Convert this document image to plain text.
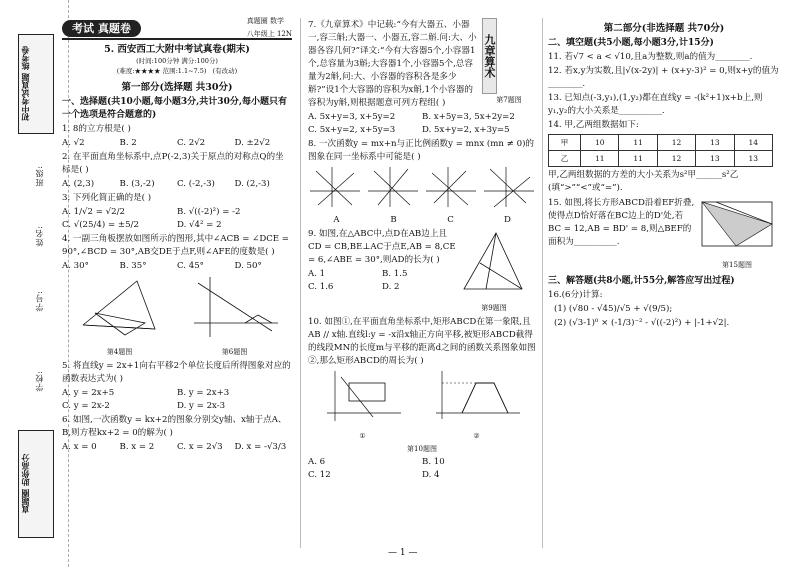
初中考试真题 练考卷
班级:
姓名:
学号:
学校:
真题圈 助你高分
考试 真题卷
真题圈 数学
八年级上 12N
5. 西安西工大附中考试真卷(期末)
(时间:100分钟 满分:100分)
(难度:★★★★ 范围:1.1~7.5) (有改动)
第一部分(选择题 共30分)
一、选择题(共10小题,每小题3分,共计30分,每小题只有一个选项是符合题意的)
1. 8的立方根是( )
A. √2	B. 2	C. 2√2	D. ±2√2
2. 在平面直角坐标系中,点P(-2,3)关于原点的对称点Q的坐标是( )
A. (2,3)	B. (3,-2)	C. (-2,-3)	D. (2,-3)
3. 下列化简正确的是( )
A. 1/√2 = √2/2	B. √((-2)²) = -2
C. √(25/4) = ±5/2	D. √4² = 2
4. 一副三角板摆放如图所示的图形,其中∠ACB = ∠DCE = 90°,∠BCD = 30°,AB交DE于点F,则∠AFE的度数是( )
A. 30°	B. 35°	C. 45°	D. 50°
第4题图	第6题图
5. 将直线y = 2x+1向右平移2个单位长度后所得图象对应的函数表达式为( )
A. y = 2x+5	B. y = 2x+3
C. y = 2x-2	D. y = 2x-3
6. 如图,一次函数y = kx+2的图象分别交y轴、x轴于点A、B,则方程kx+2 = 0的解为( )
A. x = 0	B. x = 2	C. x = 2√3	D. x = -√3/3
7.《九章算术》中记载:“今有大器五、小器一,容三斛;大器一、小器五,容二斛.问:大、小器各容几何?”译文:“今有大容器5个,小容器1个,总容量为3斛;大容器1个,小容器5个,总容量为2斛,问:大、小容器的容积各是多少斛?”设1个大容器的容积为x斛,1个小容器的容积为y斛,则根据题意可列方程组( )
九章算术
第7题图
A. 5x+y=3, x+5y=2	B. x+5y=3, 5x+2y=2
C. 5x+y=2, x+5y=3	D. 5x+y=2, x+3y=5
8. 一次函数y = mx+n与正比例函数y = mnx (mn ≠ 0)的图象在同一坐标系中可能是( )
A	B	C	D
9. 如图,在△ABC中,点D在AB边上且CD = CB,BE⊥AC于点E,AB = 8,CE = 6,∠ABE = 30°,则AD的长为( )
A. 1	B. 1.5
C. 1.6	D. 2
第9题图
10. 如图①,在平面直角坐标系中,矩形ABCD在第一象限,且AB // x轴.直线l:y = -x沿x轴正方向平移,被矩形ABCD截得的线段MN的长度m与平移的距离d之间的函数关系图象如图②,那么矩形ABCD的周长为( )
①	②
第10题图
A. 6	B. 10
C. 12	D. 4
第二部分(非选择题 共70分)
二、填空题(共5小题,每小题3分,计15分)
11. 若√7 < a < √10,且a为整数,则a的值为________.
12. 若x,y为实数,且|√(x-2y)| + (x+y-3)² = 0,则x+y的值为________.
13. 已知点(-3,y₁),(1,y₂)都在直线y = -(k²+1)x+b上,则y₁,y₂的大小关系是__________.
14. 甲,乙两组数据如下:
甲	10	11	12	13	14
乙	11	11	12	13	13
甲,乙两组数据的方差的大小关系为s²甲______s²乙(填“>”“<”或“=”).
15. 如图,将长方形ABCD沿着EF折叠,使得点D恰好落在BC边上的D'处,若BC = 12,AB = BD' = 8,则△BEF的面积为__________.
第15题图
三、解答题(共8小题,计55分,解答应写出过程)
16.(6分)计算:
(1) (√80 - √45)/√5 + √(9/5);
(2) (√3-1)⁰ × (-1/3)⁻² - √((-2)²) + |-1+√2|.
— 1 —
